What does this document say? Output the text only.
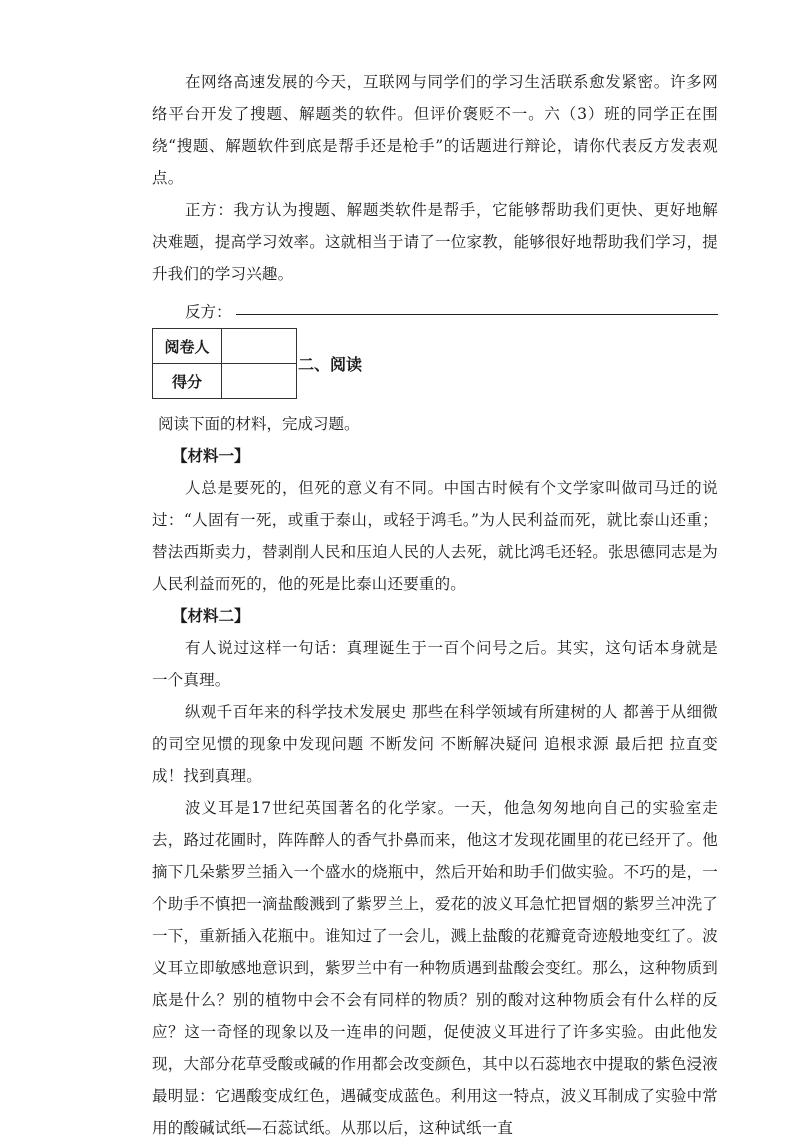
在网络高速发展的今天，互联网与同学们的学习生活联系愈发紧密。许多网络平台开发了搜题、解题类的软件。但评价褒贬不一。六（3）班的同学正在围绕“搜题、解题软件到底是帮手还是枪手”的话题进行辩论，请你代表反方发表观点。

正方：我方认为搜题、解题类软件是帮手，它能够帮助我们更快、更好地解决难题，提高学习效率。这就相当于请了一位家教，能够很好地帮助我们学习，提升我们的学习兴趣。

反方：
阅卷人	
得分	
二、阅读

阅读下面的材料，完成习题。

【材料一】

人总是要死的，但死的意义有不同。中国古时候有个文学家叫做司马迁的说过：“人固有一死，或重于泰山，或轻于鸿毛。”为人民利益而死，就比泰山还重；替法西斯卖力，替剥削人民和压迫人民的人去死，就比鸿毛还轻。张思德同志是为人民利益而死的，他的死是比泰山还要重的。

【材料二】

有人说过这样一句话：真理诞生于一百个问号之后。其实，这句话本身就是一个真理。

纵观千百年来的科学技术发展史 那些在科学领域有所建树的人 都善于从细微的司空见惯的现象中发现问题 不断发问 不断解决疑问 追根求源 最后把 拉直变成！找到真理。

波义耳是17世纪英国著名的化学家。一天，他急匆匆地向自己的实验室走去，路过花圃时，阵阵醉人的香气扑鼻而来，他这才发现花圃里的花已经开了。他摘下几朵紫罗兰插入一个盛水的烧瓶中，然后开始和助手们做实验。不巧的是，一个助手不慎把一滴盐酸溅到了紫罗兰上，爱花的波义耳急忙把冒烟的紫罗兰冲洗了一下，重新插入花瓶中。谁知过了一会儿，溅上盐酸的花瓣竟奇迹般地变红了。波义耳立即敏感地意识到，紫罗兰中有一种物质遇到盐酸会变红。那么，这种物质到底是什么？别的植物中会不会有同样的物质？别的酸对这种物质会有什么样的反应？这一奇怪的现象以及一连串的问题，促使波义耳进行了许多实验。由此他发现，大部分花草受酸或碱的作用都会改变颜色，其中以石蕊地衣中提取的紫色浸液最明显：它遇酸变成红色，遇碱变成蓝色。利用这一特点，波义耳制成了实验中常用的酸碱试纸—石蕊试纸。从那以后，这种试纸一直
